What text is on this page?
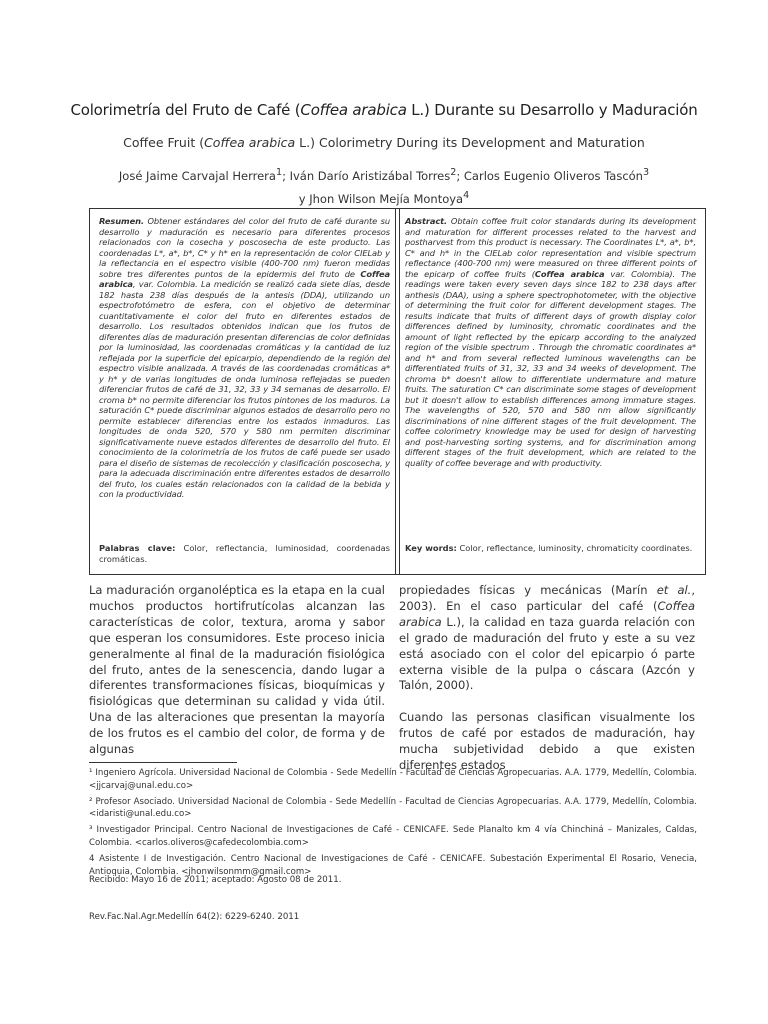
Colorimetría del Fruto de Café (Coffea arabica L.) Durante su Desarrollo y Maduración
Coffee Fruit (Coffea arabica L.) Colorimetry During its Development and Maturation
José Jaime Carvajal Herrera$^1$; Iván Darío Aristizábal Torres$^2$; Carlos Eugenio Oliveros Tascón$^3$
y Jhon Wilson Mejía Montoya$^4$
Resumen. Obtener estándares del color del fruto de café durante su desarrollo y maduración es necesario para diferentes procesos relacionados con la cosecha y poscosecha de este producto. Las coordenadas L*, a*, b*, C* y h* en la representación de color CIELab y la reflectancia en el espectro visible (400-700 nm) fueron medidas sobre tres diferentes puntos de la epidermis del fruto de Coffea arabica, var. Colombia. La medición se realizó cada siete días, desde 182 hasta 238 días después de la antesis (DDA), utilizando un espectrofotómetro de esfera, con el objetivo de determinar cuantitativamente el color del fruto en diferentes estados de desarrollo. Los resultados obtenidos indican que los frutos de diferentes días de maduración presentan diferencias de color definidas por la luminosidad, las coordenadas cromáticas y la cantidad de luz reflejada por la superficie del epicarpio, dependiendo de la región del espectro visible analizada. A través de las coordenadas cromáticas a* y h* y de varias longitudes de onda luminosa reflejadas se pueden diferenciar frutos de café de 31, 32, 33 y 34 semanas de desarrollo. El croma b* no permite diferenciar los frutos pintones de los maduros. La saturación C* puede discriminar algunos estados de desarrollo pero no permite establecer diferencias entre los estados inmaduros. Las longitudes de onda 520, 570 y 580 nm permiten discriminar significativamente nueve estados diferentes de desarrollo del fruto. El conocimiento de la colorimetría de los frutos de café puede ser usado para el diseño de sistemas de recolección y clasificación poscosecha, y para la adecuada discriminación entre diferentes estados de desarrollo del fruto, los cuales están relacionados con la calidad de la bebida y con la productividad.
Palabras clave: Color, reflectancia, luminosidad, coordenadas cromáticas.
Abstract. Obtain coffee fruit color standards during its development and maturation for different processes related to the harvest and postharvest from this product is necessary. The Coordinates L*, a*, b*, C* and h* in the CIELab color representation and visible spectrum reflectance (400-700 nm) were measured on three different points of the epicarp of coffee fruits (Coffea arabica var. Colombia). The readings were taken every seven days since 182 to 238 days after anthesis (DAA), using a sphere spectrophotometer, with the objective of determining the fruit color for different development stages. The results indicate that fruits of different days of growth display color differences defined by luminosity, chromatic coordinates and the amount of light reflected by the epicarp according to the analyzed region of the visible spectrum . Through the chromatic coordinates a* and h* and from several reflected luminous wavelengths can be differentiated fruits of 31, 32, 33 and 34 weeks of development. The chroma b* doesn't allow to differentiate undermature and mature fruits. The saturation C* can discriminate some stages of development but it doesn't allow to establish differences among immature stages. The wavelengths of 520, 570 and 580 nm allow significantly discriminations of nine different stages of the fruit development. The coffee colorimetry knowledge may be used for design of harvesting and post-harvesting sorting systems, and for discrimination among different stages of the fruit development, which are related to the quality of coffee beverage and with productivity.
Key words: Color, reflectance, luminosity, chromaticity coordinates.

La maduración organoléptica es la etapa en la cual muchos productos hortifrutícolas alcanzan las características de color, textura, aroma y sabor que esperan los consumidores. Este proceso inicia generalmente al final de la maduración fisiológica del fruto, antes de la senescencia, dando lugar a diferentes transformaciones físicas, bioquímicas y fisiológicas que determinan su calidad y vida útil. Una de las alteraciones que presentan la mayoría de los frutos es el cambio del color, de forma y de algunas

propiedades físicas y mecánicas (Marín et al., 2003). En el caso particular del café (Coffea arabica L.), la calidad en taza guarda relación con el grado de maduración del fruto y este a su vez está asociado con el color del epicarpio ó parte externa visible de la pulpa o cáscara (Azcón y Talón, 2000).

Cuando las personas clasifican visualmente los frutos de café por estados de maduración, hay mucha subjetividad debido a que existen diferentes estados

¹ Ingeniero Agrícola. Universidad Nacional de Colombia - Sede Medellín - Facultad de Ciencias Agropecuarias. A.A. 1779, Medellín, Colombia. <jjcarvaj@unal.edu.co>
² Profesor Asociado. Universidad Nacional de Colombia - Sede Medellín - Facultad de Ciencias Agropecuarias. A.A. 1779, Medellín, Colombia. <idaristi@unal.edu.co>
³ Investigador Principal. Centro Nacional de Investigaciones de Café - CENICAFE. Sede Planalto km 4 vía Chinchiná – Manizales, Caldas, Colombia. <carlos.oliveros@cafedecolombia.com>
4 Asistente I de Investigación. Centro Nacional de Investigaciones de Café - CENICAFE. Subestación Experimental El Rosario, Venecia, Antioquia, Colombia. <jhonwilsonmm@gmail.com>
Recibido: Mayo 16 de 2011; aceptado: Agosto 08 de 2011.
Rev.Fac.Nal.Agr.Medellín 64(2): 6229-6240. 2011
